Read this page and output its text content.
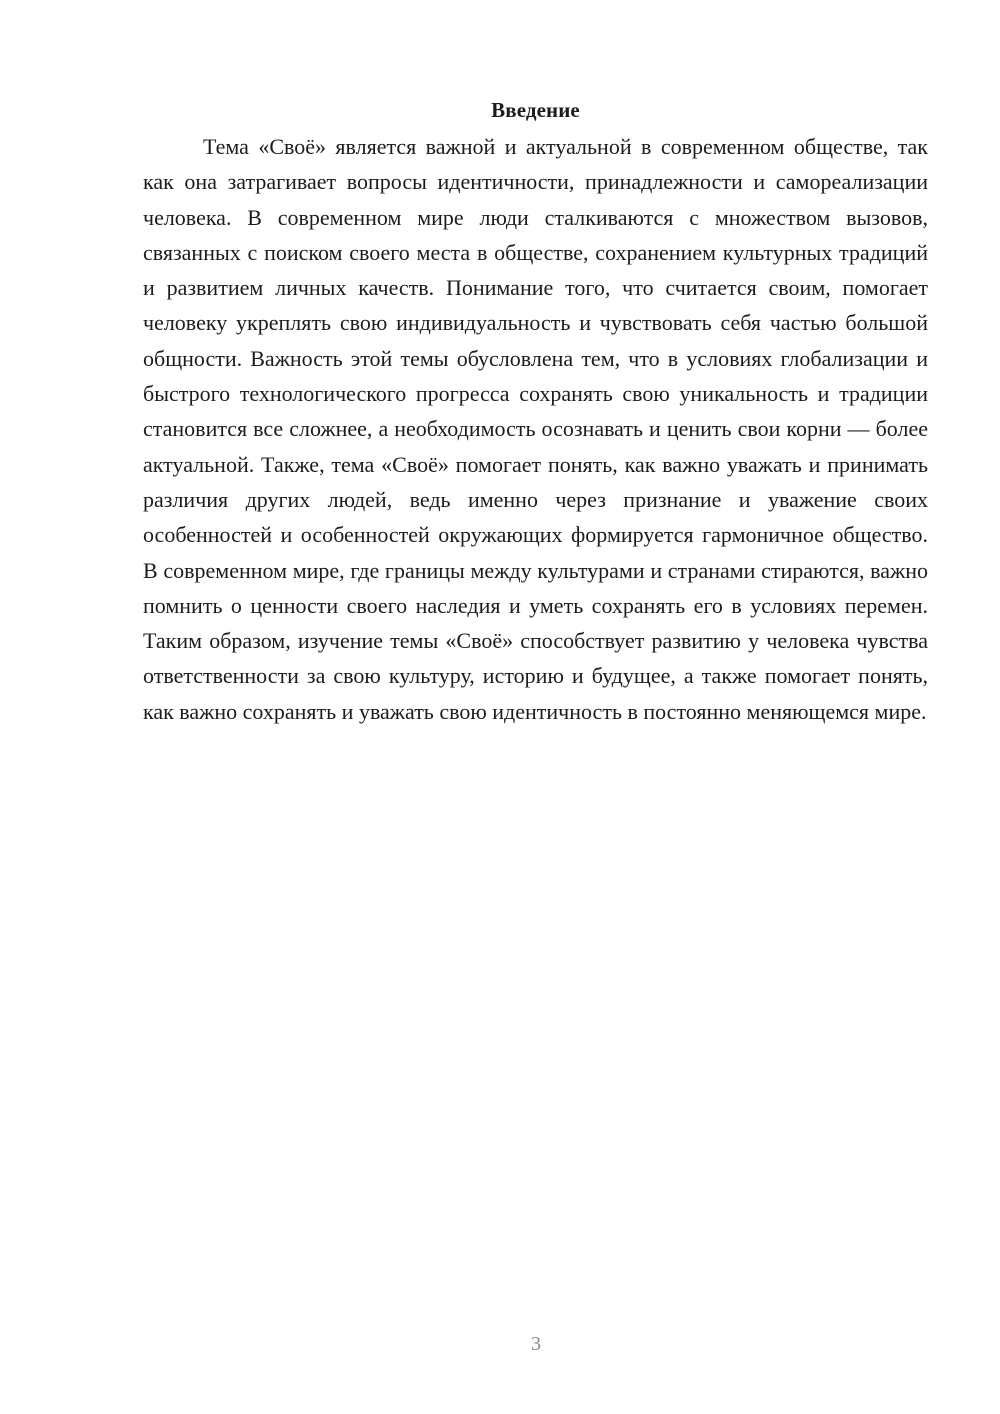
Введение

Тема «Своё» является важной и актуальной в современном обществе, так как она затрагивает вопросы идентичности, принадлежности и самореализации человека. В современном мире люди сталкиваются с множеством вызовов, связанных с поиском своего места в обществе, сохранением культурных традиций и развитием личных качеств. Понимание того, что считается своим, помогает человеку укреплять свою индивидуальность и чувствовать себя частью большой общности. Важность этой темы обусловлена тем, что в условиях глобализации и быстрого технологического прогресса сохранять свою уникальность и традиции становится все сложнее, а необходимость осознавать и ценить свои корни — более актуальной. Также, тема «Своё» помогает понять, как важно уважать и принимать различия других людей, ведь именно через признание и уважение своих особенностей и особенностей окружающих формируется гармоничное общество. В современном мире, где границы между культурами и странами стираются, важно помнить о ценности своего наследия и уметь сохранять его в условиях перемен. Таким образом, изучение темы «Своё» способствует развитию у человека чувства ответственности за свою культуру, историю и будущее, а также помогает понять, как важно сохранять и уважать свою идентичность в постоянно меняющемся мире.

3
